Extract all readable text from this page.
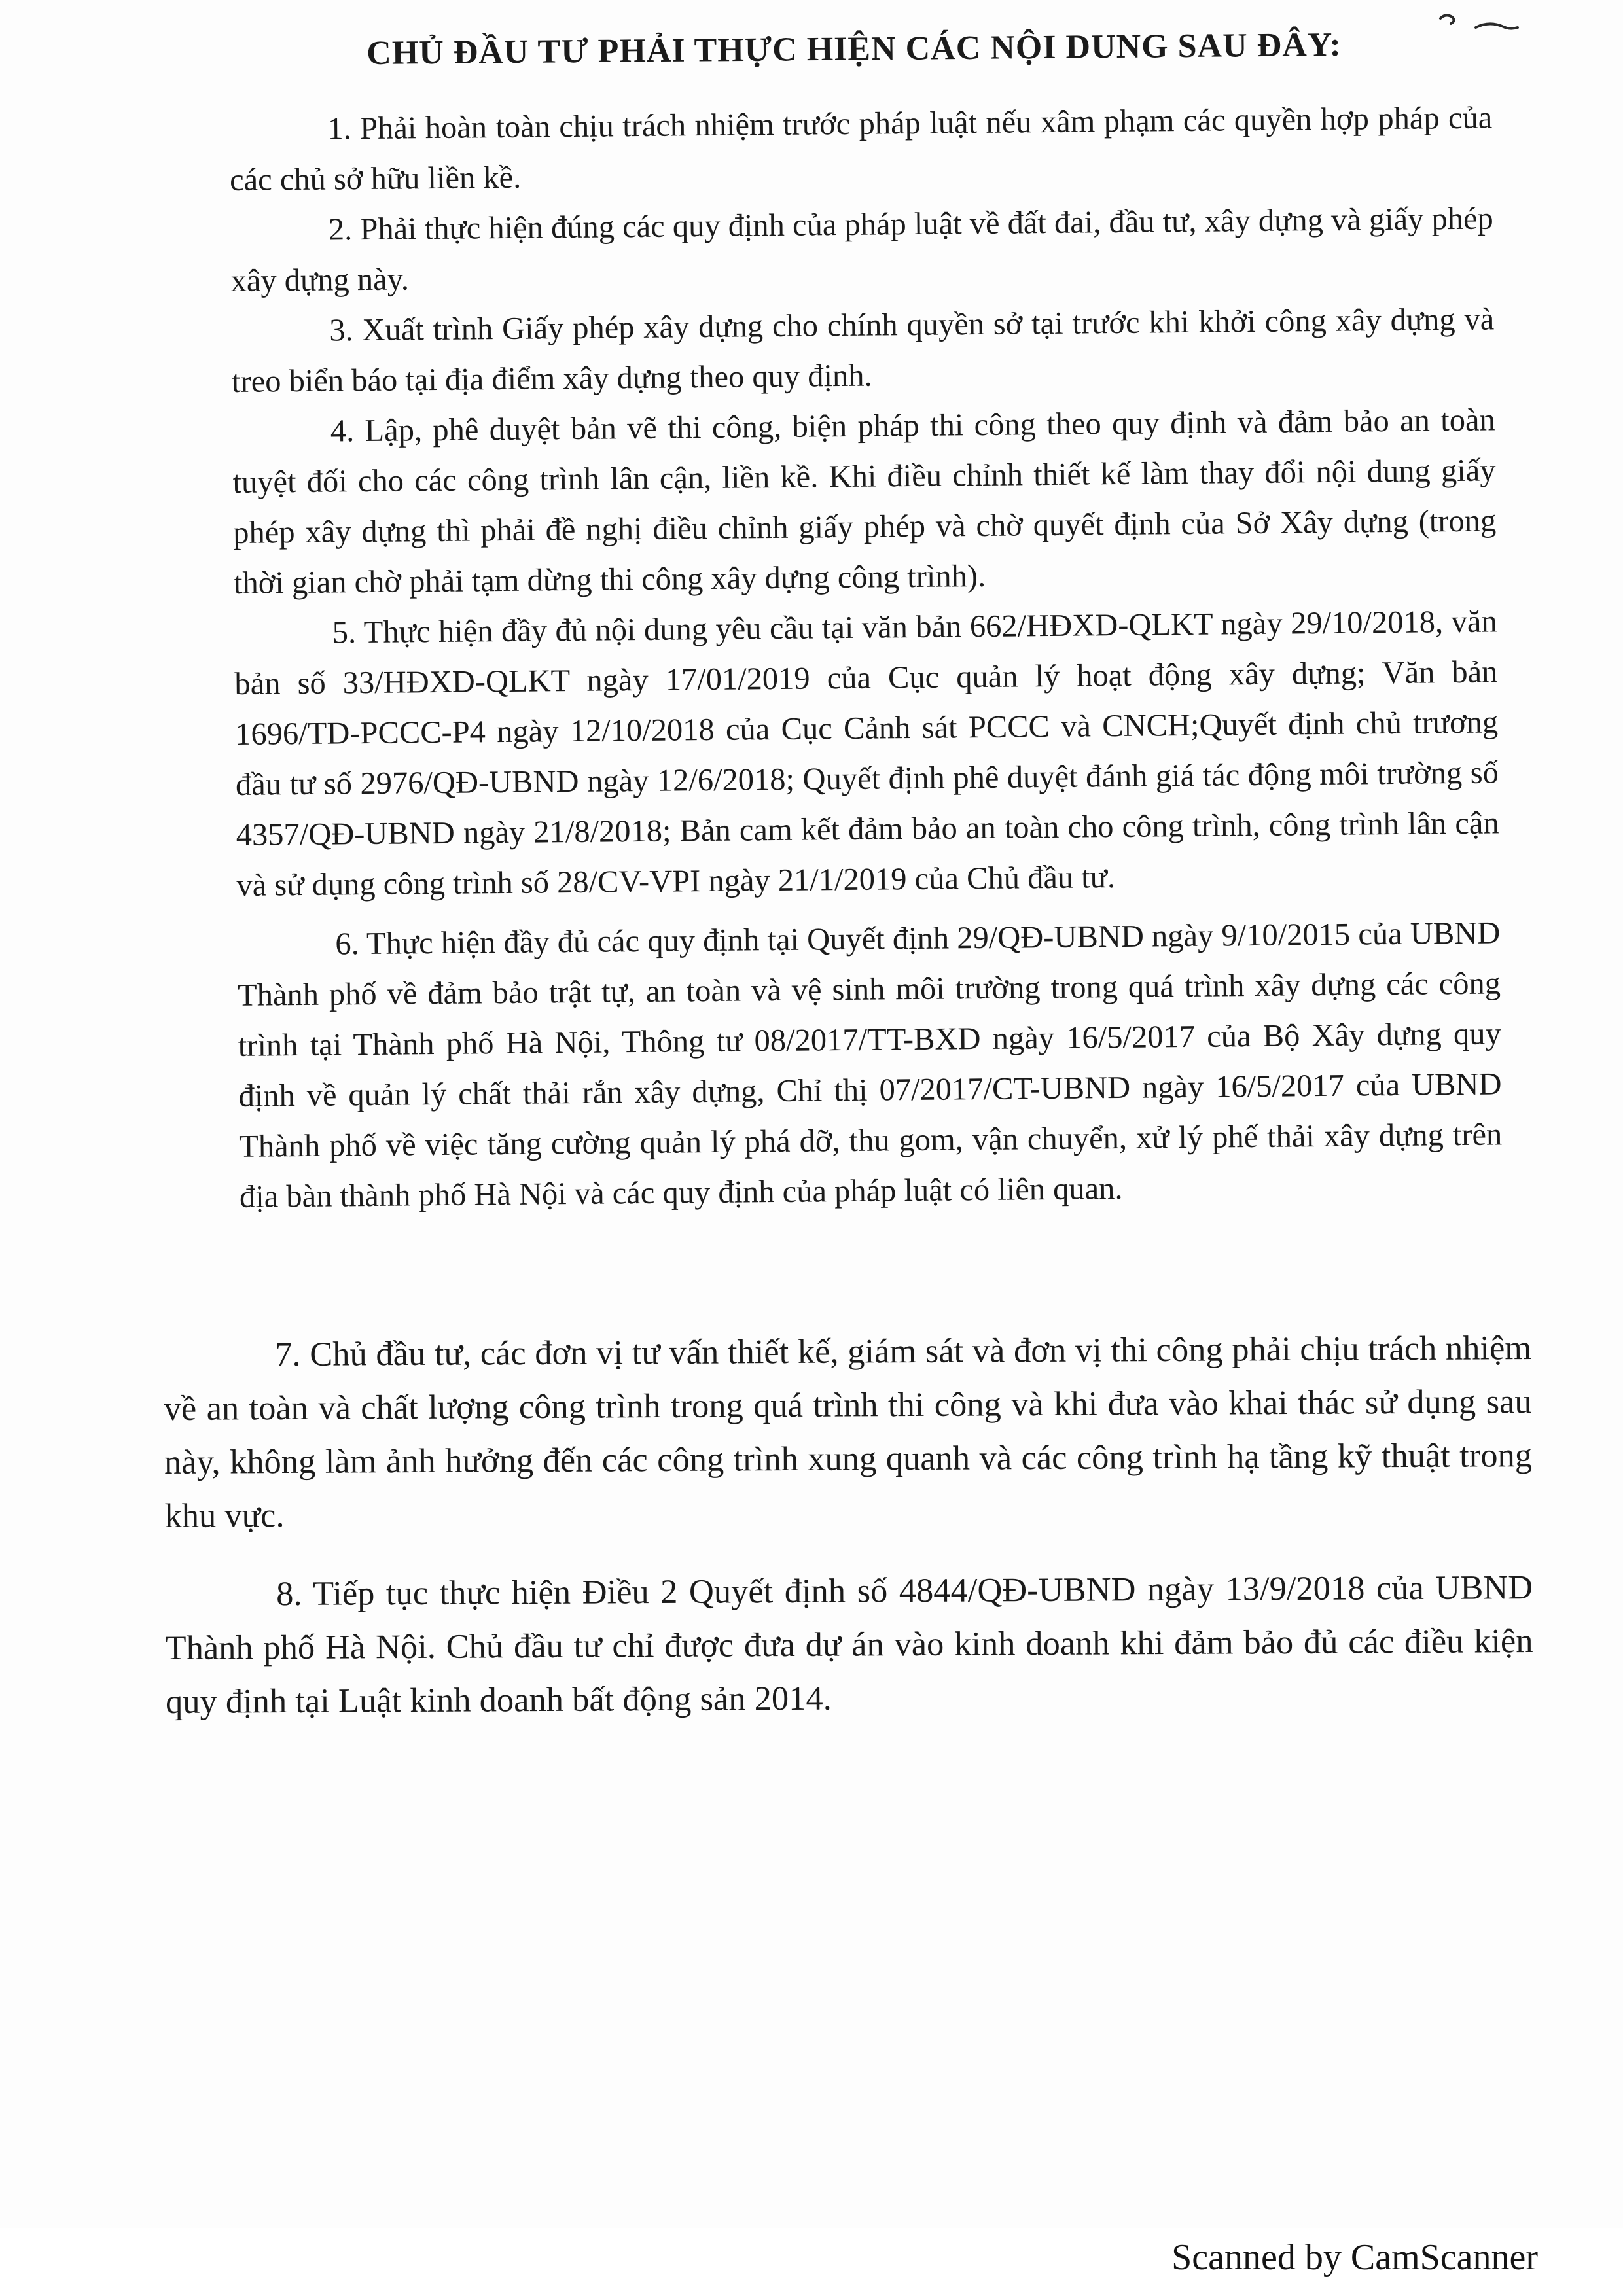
CHỦ ĐẦU TƯ PHẢI THỰC HIỆN CÁC NỘI DUNG SAU ĐÂY:

1. Phải hoàn toàn chịu trách nhiệm trước pháp luật nếu xâm phạm các quyền hợp pháp của các chủ sở hữu liền kề.

2. Phải thực hiện đúng các quy định của pháp luật về đất đai, đầu tư, xây dựng và giấy phép xây dựng này.

3. Xuất trình Giấy phép xây dựng cho chính quyền sở tại trước khi khởi công xây dựng và treo biển báo tại địa điểm xây dựng theo quy định.

4. Lập, phê duyệt bản vẽ thi công, biện pháp thi công theo quy định và đảm bảo an toàn tuyệt đối cho các công trình lân cận, liền kề. Khi điều chỉnh thiết kế làm thay đổi nội dung giấy phép xây dựng thì phải đề nghị điều chỉnh giấy phép và chờ quyết định của Sở Xây dựng (trong thời gian chờ phải tạm dừng thi công xây dựng công trình).

5. Thực hiện đầy đủ nội dung yêu cầu tại văn bản 662/HĐXD-QLKT ngày 29/10/2018, văn bản số 33/HĐXD-QLKT ngày 17/01/2019 của Cục quản lý hoạt động xây dựng; Văn bản 1696/TD-PCCC-P4 ngày 12/10/2018 của Cục Cảnh sát PCCC và CNCH;Quyết định chủ trương đầu tư số 2976/QĐ-UBND ngày 12/6/2018; Quyết định phê duyệt đánh giá tác động môi trường số 4357/QĐ-UBND ngày 21/8/2018; Bản cam kết đảm bảo an toàn cho công trình, công trình lân cận và sử dụng công trình số 28/CV-VPI ngày 21/1/2019 của Chủ đầu tư.

6. Thực hiện đầy đủ các quy định tại Quyết định 29/QĐ-UBND ngày 9/10/2015 của UBND Thành phố về đảm bảo trật tự, an toàn và vệ sinh môi trường trong quá trình xây dựng các công trình tại Thành phố Hà Nội, Thông tư 08/2017/TT-BXD ngày 16/5/2017 của Bộ Xây dựng quy định về quản lý chất thải rắn xây dựng, Chỉ thị 07/2017/CT-UBND ngày 16/5/2017 của UBND Thành phố về việc tăng cường quản lý phá dỡ, thu gom, vận chuyển, xử lý phế thải xây dựng trên địa bàn thành phố Hà Nội và các quy định của pháp luật có liên quan.

7. Chủ đầu tư, các đơn vị tư vấn thiết kế, giám sát và đơn vị thi công phải chịu trách nhiệm về an toàn và chất lượng công trình trong quá trình thi công và khi đưa vào khai thác sử dụng sau này, không làm ảnh hưởng đến các công trình xung quanh và các công trình hạ tầng kỹ thuật trong khu vực.

8. Tiếp tục thực hiện Điều 2 Quyết định số 4844/QĐ-UBND ngày 13/9/2018 của UBND Thành phố Hà Nội. Chủ đầu tư chỉ được đưa dự án vào kinh doanh khi đảm bảo đủ các điều kiện quy định tại Luật kinh doanh bất động sản 2014.

Scanned by CamScanner
